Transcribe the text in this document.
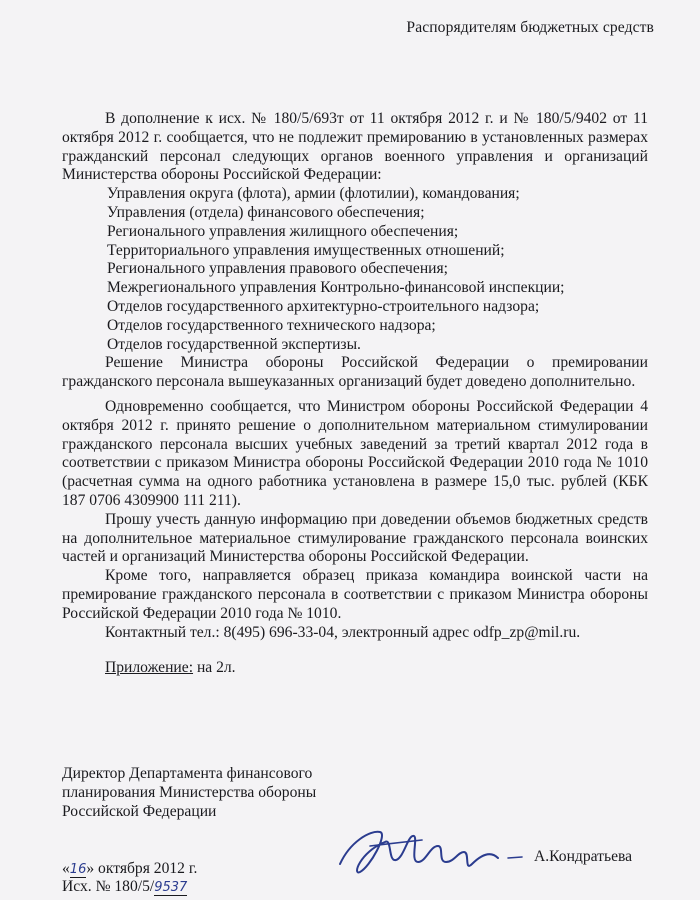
Распорядителям бюджетных средств

В дополнение к исх. № 180/5/693т от 11 октября 2012 г. и № 180/5/9402 от 11 октября 2012 г. сообщается, что не подлежит премированию в установленных размерах гражданский персонал следующих органов военного управления и организаций Министерства обороны Российской Федерации:

Управления округа (флота), армии (флотилии), командования;
Управления (отдела) финансового обеспечения;
Регионального управления жилищного обеспечения;
Территориального управления имущественных отношений;
Регионального управления правового обеспечения;
Межрегионального управления Контрольно-финансовой инспекции;
Отделов государственного архитектурно-строительного надзора;
Отделов государственного технического надзора;
Отделов государственной экспертизы.

Решение Министра обороны Российской Федерации о премировании гражданского персонала вышеуказанных организаций будет доведено дополнительно.

Одновременно сообщается, что Министром обороны Российской Федерации 4 октября 2012 г. принято решение о дополнительном материальном стимулировании гражданского персонала высших учебных заведений за третий квартал 2012 года в соответствии с приказом Министра обороны Российской Федерации 2010 года № 1010 (расчетная сумма на одного работника установлена в размере 15,0 тыс. рублей (КБК 187 0706 4309900 111 211).

Прошу учесть данную информацию при доведении объемов бюджетных средств на дополнительное материальное стимулирование гражданского персонала воинских частей и организаций Министерства обороны Российской Федерации.

Кроме того, направляется образец приказа командира воинской части на премирование гражданского персонала в соответствии с приказом Министра обороны Российской Федерации 2010 года № 1010.

Контактный тел.: 8(495) 696-33-04, электронный адрес odfp_zp@mil.ru.
Приложение: на 2л.
Директор Департамента финансового
планирования Министерства обороны
Российской Федерации
А.Кондратьева
«16» октября 2012 г.
Исх. № 180/5/9537
